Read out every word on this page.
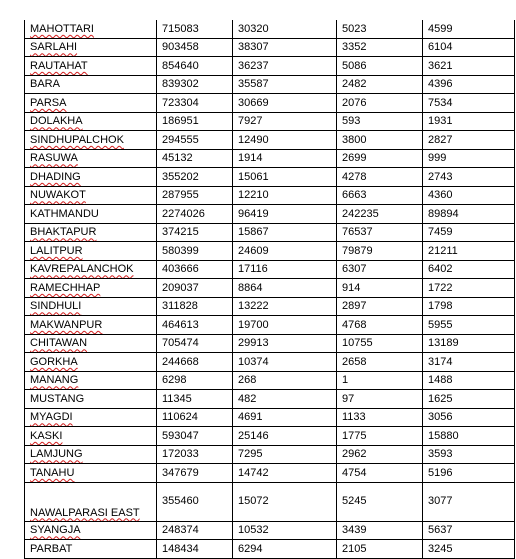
MAHOTTARI	715083	30320	5023	4599
SARLAHI	903458	38307	3352	6104
RAUTAHAT	854640	36237	5086	3621
BARA	839302	35587	2482	4396
PARSA	723304	30669	2076	7534
DOLAKHA	186951	7927	593	1931
SINDHUPALCHOK	294555	12490	3800	2827
RASUWA	45132	1914	2699	999
DHADING	355202	15061	4278	2743
NUWAKOT	287955	12210	6663	4360
KATHMANDU	2274026	96419	242235	89894
BHAKTAPUR	374215	15867	76537	7459
LALITPUR	580399	24609	79879	21211
KAVREPALANCHOK	403666	17116	6307	6402
RAMECHHAP	209037	8864	914	1722
SINDHULI	311828	13222	2897	1798
MAKWANPUR	464613	19700	4768	5955
CHITAWAN	705474	29913	10755	13189
GORKHA	244668	10374	2658	3174
MANANG	6298	268	1	1488
MUSTANG	11345	482	97	1625
MYAGDI	110624	4691	1133	3056
KASKI	593047	25146	1775	15880
LAMJUNG	172033	7295	2962	3593
TANAHU	347679	14742	4754	5196
NAWALPARASI EAST	355460	15072	5245	3077
SYANGJA	248374	10532	3439	5637
PARBAT	148434	6294	2105	3245
